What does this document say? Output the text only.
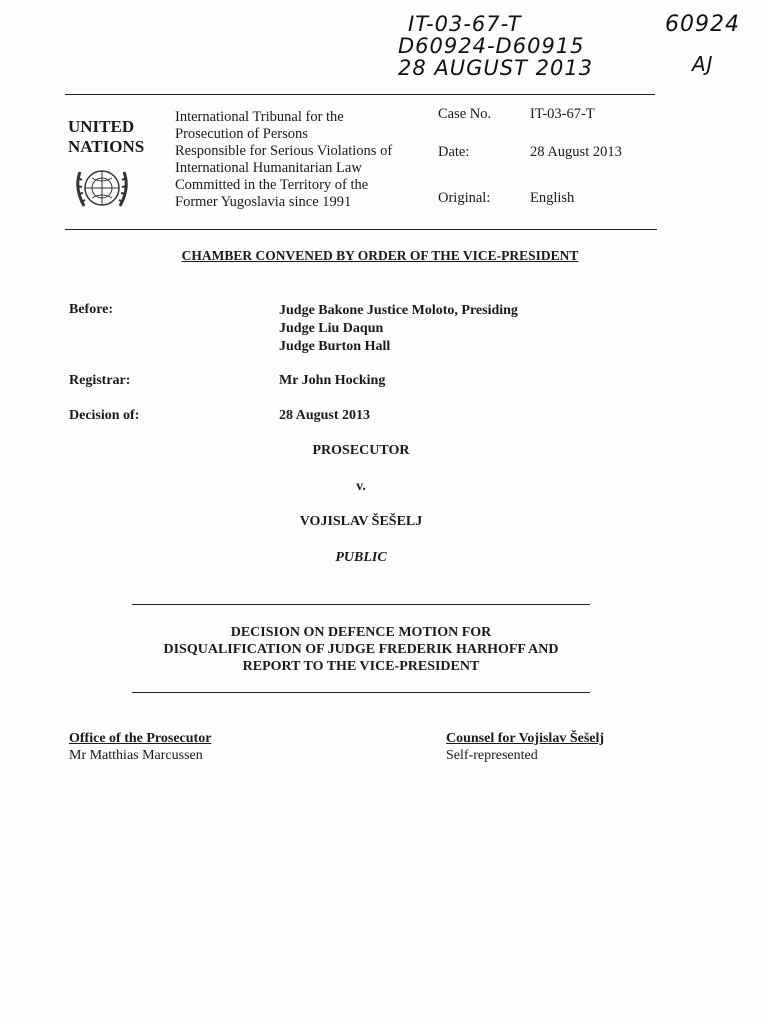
IT-03-67-T
D60924-D60915
28 AUGUST 2013
60924
AJ
UNITED
NATIONS
International Tribunal for the
Prosecution of Persons
Responsible for Serious Violations of
International Humanitarian Law
Committed in the Territory of the
Former Yugoslavia since 1991
Case No.	IT-03-67-T
Date:	28 August 2013
Original:	English
CHAMBER CONVENED BY ORDER OF THE VICE-PRESIDENT
Before:	Judge Bakone Justice Moloto, Presiding
Judge Liu Daqun
Judge Burton Hall
Registrar:	Mr John Hocking
Decision of:	28 August 2013
PROSECUTOR
v.
VOJISLAV ŠEŠELJ
PUBLIC
DECISION ON DEFENCE MOTION FOR
DISQUALIFICATION OF JUDGE FREDERIK HARHOFF AND
REPORT TO THE VICE-PRESIDENT
Office of the Prosecutor
Mr Matthias Marcussen
Counsel for Vojislav Šešelj
Self-represented
